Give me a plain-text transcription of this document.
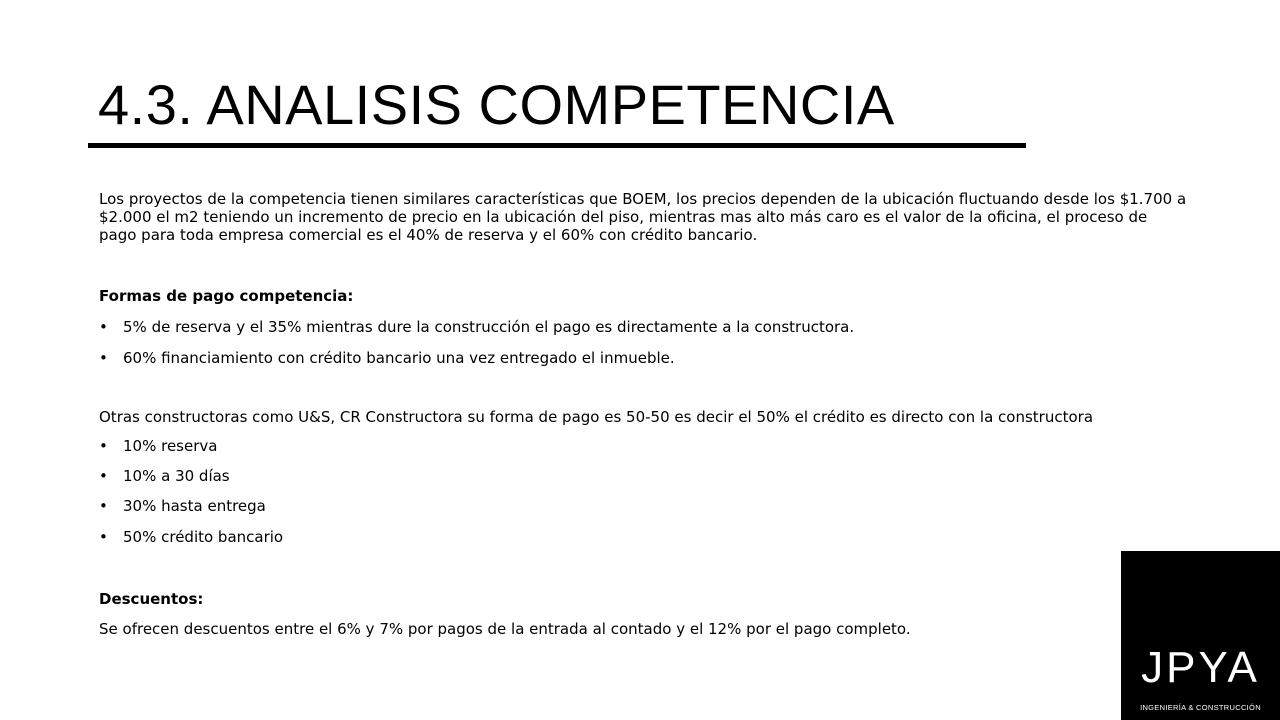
4.3. ANALISIS COMPETENCIA
Los proyectos de la competencia tienen similares características que BOEM, los precios dependen de la ubicación fluctuando desde los $1.700 a $2.000 el m2 teniendo un incremento de precio en la ubicación del piso, mientras mas alto más caro es el valor de la oficina, el proceso de pago para toda empresa comercial es el 40% de reserva y el 60% con crédito bancario.
Formas de pago competencia:
• 5% de reserva y el 35% mientras dure la construcción el pago es directamente a la constructora.
• 60% financiamiento con crédito bancario una vez entregado el inmueble.
Otras constructoras como U&S, CR Constructora su forma de pago es 50-50 es decir el 50% el crédito es directo con la constructora
• 10% reserva
• 10% a 30 días
• 30% hasta entrega
• 50% crédito bancario
Descuentos:
Se ofrecen descuentos entre el 6% y 7% por pagos de la entrada al contado y el 12% por el pago completo.
JPYA
INGENIERÍA & CONSTRUCCIÓN
